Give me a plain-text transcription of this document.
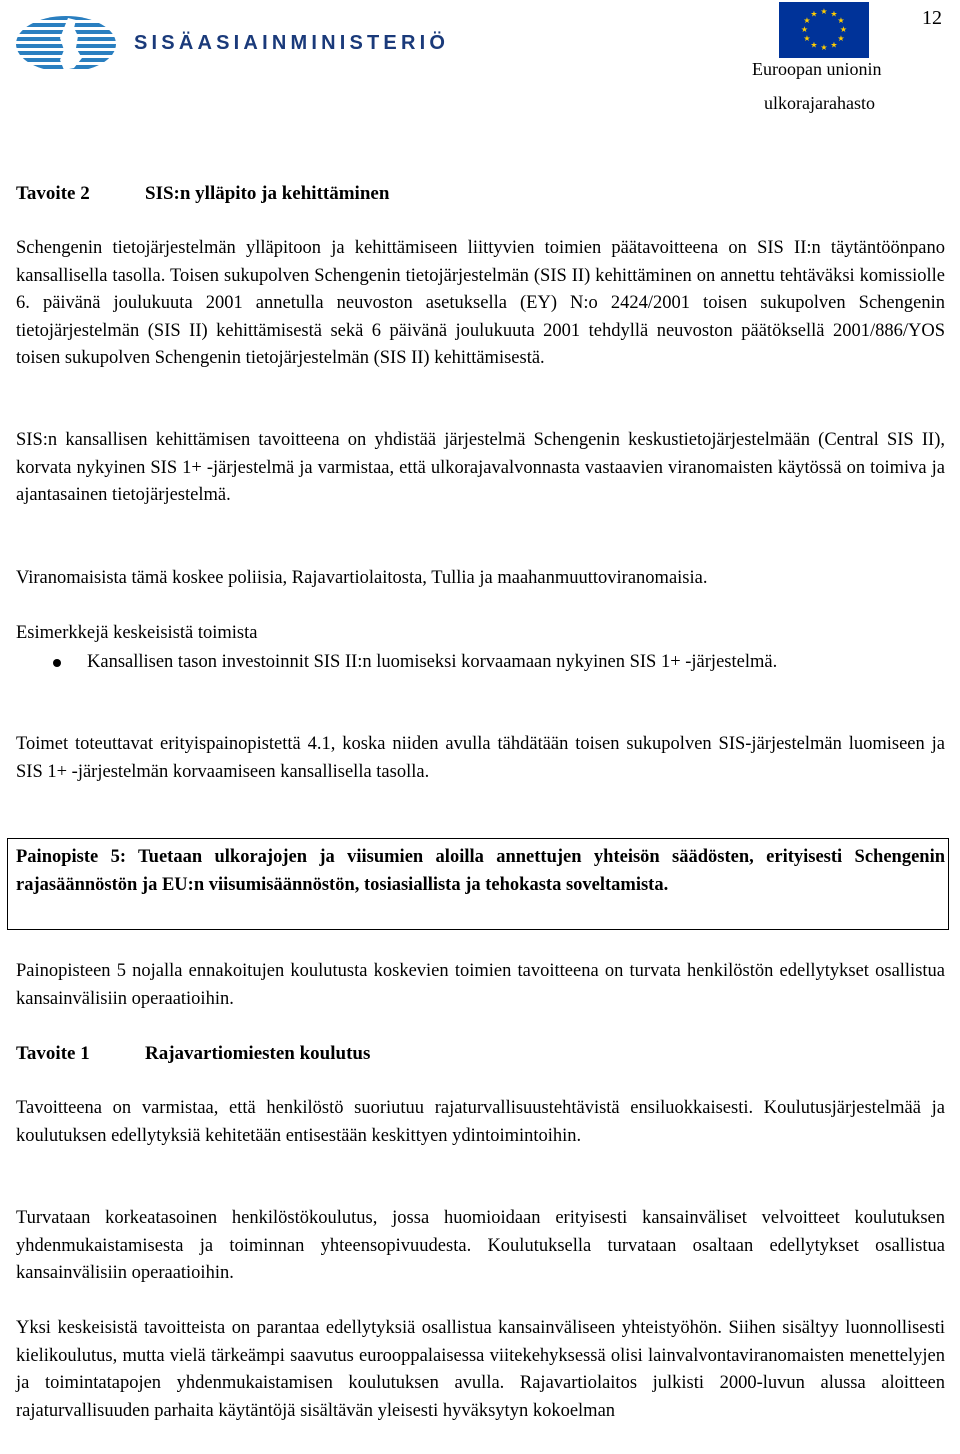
SISÄASIAINMINISTERIÖ
★ ★
★
★
★
★
★
★
★
★
★
★	12
Euroopan unionin
ulkorajarahasto
Tavoite 2	SIS:n ylläpito ja kehittäminen

Schengenin tietojärjestelmän ylläpitoon ja kehittämiseen liittyvien toimien päätavoitteena on SIS II:n täytäntöönpano kansallisella tasolla. Toisen sukupolven Schengenin tietojärjestelmän (SIS II) kehittäminen on annettu tehtäväksi komissiolle 6. päivänä joulukuuta 2001 annetulla neuvoston asetuksella (EY) N:o 2424/2001 toisen sukupolven Schengenin tietojärjestelmän (SIS II) kehittämisestä sekä 6 päivänä joulukuuta 2001 tehdyllä neuvoston päätöksellä 2001/886/YOS toisen sukupolven Schengenin tietojärjestelmän (SIS II) kehittämisestä.

SIS:n kansallisen kehittämisen tavoitteena on yhdistää järjestelmä Schengenin keskustietojärjestelmään (Central SIS II), korvata nykyinen SIS 1+ -järjestelmä ja varmistaa, että ulkorajavalvonnasta vastaavien viranomaisten käytössä on toimiva ja ajantasainen tietojärjestelmä.

Viranomaisista tämä koskee poliisia, Rajavartiolaitosta, Tullia ja maahanmuuttoviranomaisia.

Esimerkkejä keskeisistä toimista

Kansallisen tason investoinnit SIS II:n luomiseksi korvaamaan nykyinen SIS 1+ -järjestelmä.

Toimet toteuttavat erityispainopistettä 4.1, koska niiden avulla tähdätään toisen sukupolven SIS-järjestelmän luomiseen ja SIS 1+ -järjestelmän korvaamiseen kansallisella tasolla.

Painopiste 5: Tuetaan ulkorajojen ja viisumien aloilla annettujen yhteisön säädösten, erityisesti Schengenin rajasäännöstön ja EU:n viisumisäännöstön, tosiasiallista ja tehokasta soveltamista.

Painopisteen 5 nojalla ennakoitujen koulutusta koskevien toimien tavoitteena on turvata henkilöstön edellytykset osallistua kansainvälisiin operaatioihin.

Tavoite 1	Rajavartiomiesten koulutus

Tavoitteena on varmistaa, että henkilöstö suoriutuu rajaturvallisuustehtävistä ensiluokkaisesti. Koulutusjärjestelmää ja koulutuksen edellytyksiä kehitetään entisestään keskittyen ydintoimintoihin.

Turvataan korkeatasoinen henkilöstökoulutus, jossa huomioidaan erityisesti kansainväliset velvoitteet koulutuksen yhdenmukaistamisesta ja toiminnan yhteensopivuudesta. Koulutuksella turvataan osaltaan edellytykset osallistua kansainvälisiin operaatioihin.

Yksi keskeisistä tavoitteista on parantaa edellytyksiä osallistua kansainväliseen yhteistyöhön. Siihen sisältyy luonnollisesti kielikoulutus, mutta vielä tärkeämpi saavutus eurooppalaisessa viitekehyksessä olisi lainvalvontaviranomaisten menettelyjen ja toimintatapojen yhdenmukaistamisen koulutuksen avulla. Rajavartiolaitos julkisti 2000-luvun alussa aloitteen rajaturvallisuuden parhaita käytäntöjä sisältävän yleisesti hyväksytyn kokoelman
